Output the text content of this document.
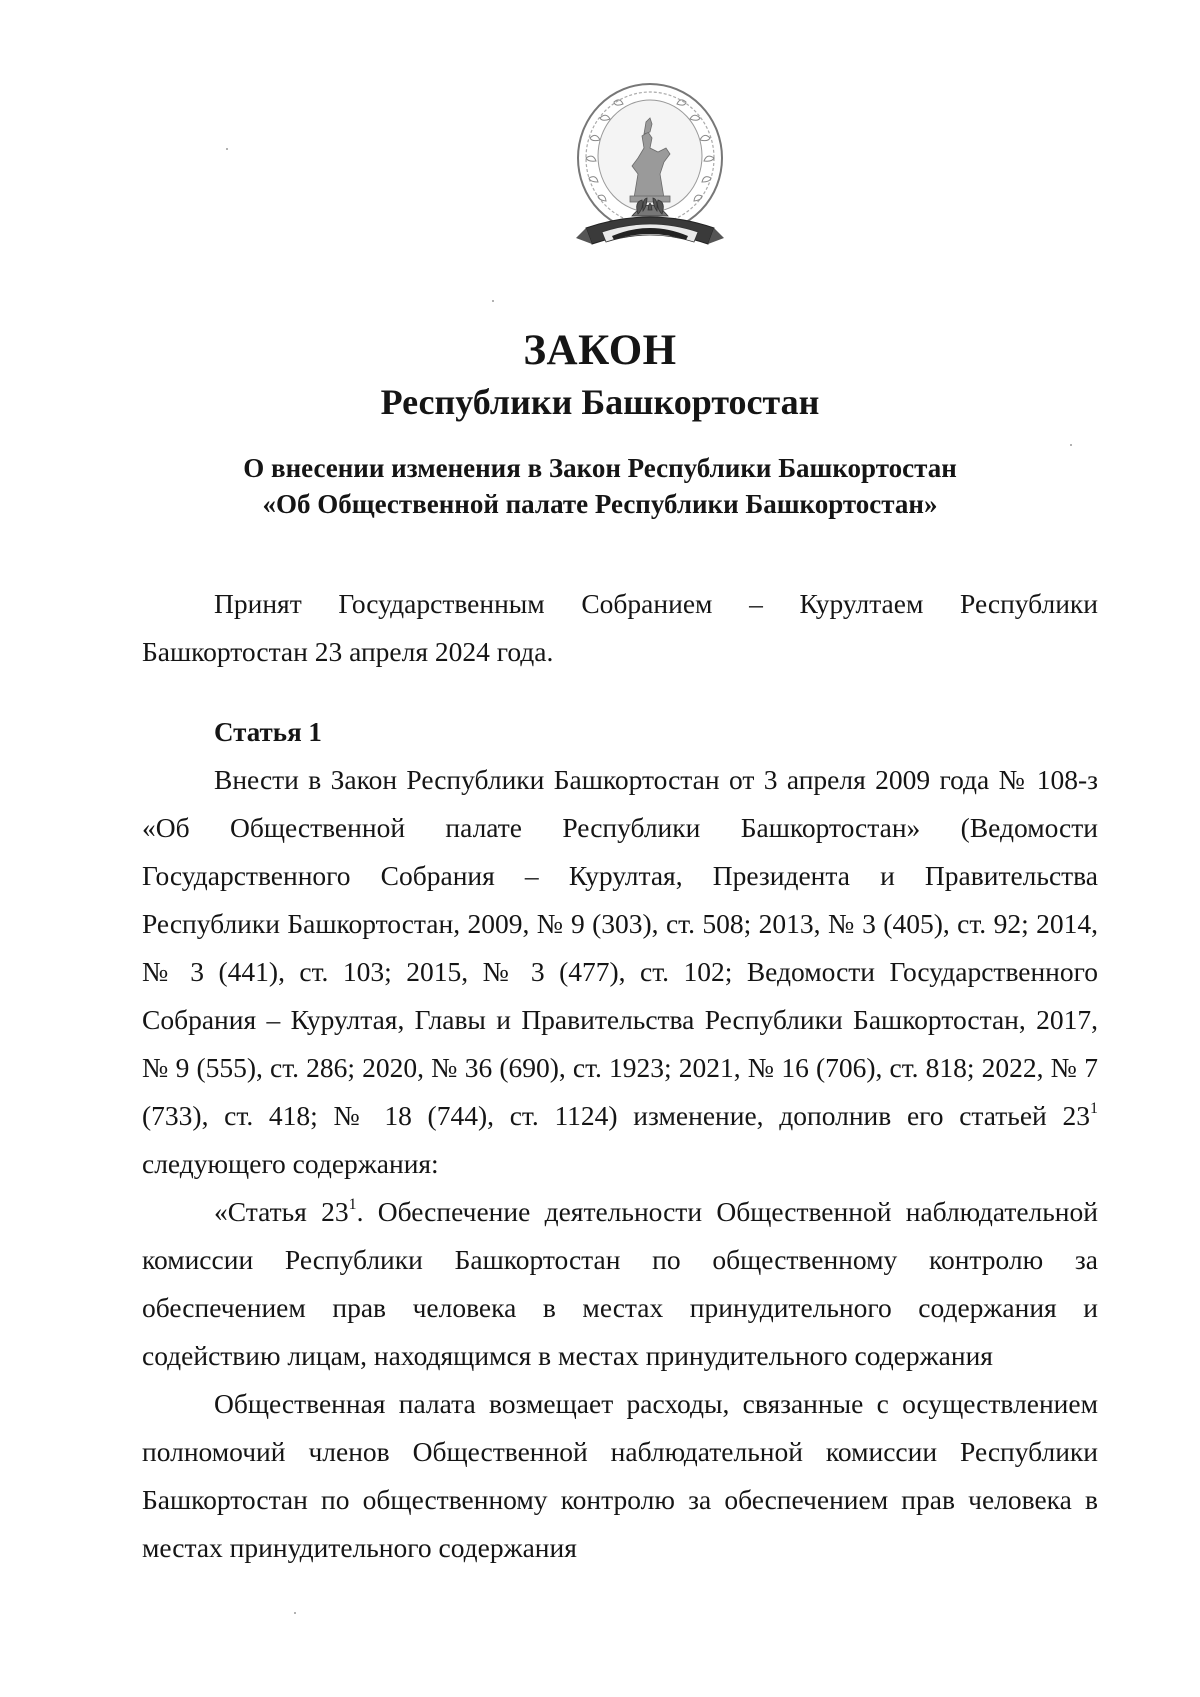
ЗАКОН
Республики Башкортостан
О внесении изменения в Закон Республики Башкортостан
«Об Общественной палате Республики Башкортостан»

Принят Государственным Собранием – Курултаем Республики Башкортостан 23 апреля 2024 года.

Статья 1

Внести в Закон Республики Башкортостан от 3 апреля 2009 года № 108-з «Об Общественной палате Республики Башкортостан» (Ведомости Государственного Собрания – Курултая, Президента и Правительства Республики Башкортостан, 2009, № 9 (303), ст. 508; 2013, № 3 (405), ст. 92; 2014, № 3 (441), ст. 103; 2015, № 3 (477), ст. 102; Ведомости Государственного Собрания – Курултая, Главы и Правительства Республики Башкортостан, 2017, № 9 (555), ст. 286; 2020, № 36 (690), ст. 1923; 2021, № 16 (706), ст. 818; 2022, № 7 (733), ст. 418; № 18 (744), ст. 1124) изменение, дополнив его статьей $23^1$ следующего содержания:

«Статья $23^1$. Обеспечение деятельности Общественной наблюдательной комиссии Республики Башкортостан по общественному контролю за обеспечением прав человека в местах принудительного содержания и содействию лицам, находящимся в местах принудительного содержания

Общественная палата возмещает расходы, связанные с осуществлением полномочий членов Общественной наблюдательной комиссии Республики Башкортостан по общественному контролю за обеспечением прав человека в местах принудительного содержания
